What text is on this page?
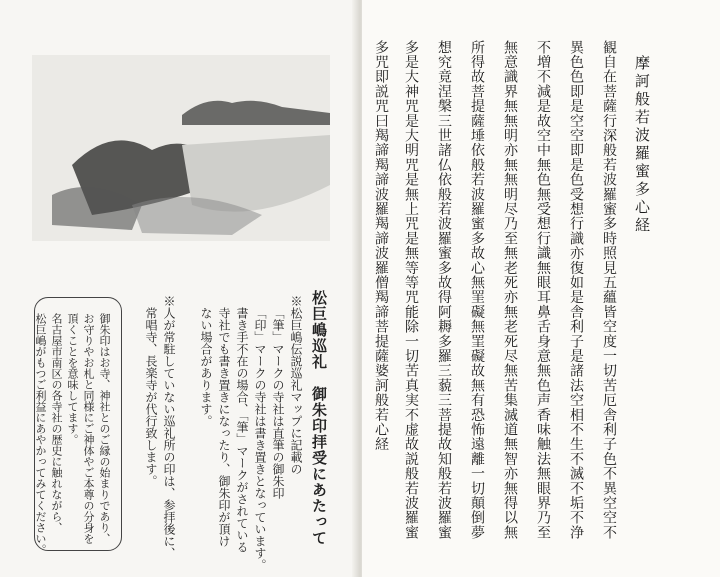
松巨嶋巡礼　御朱印拝受にあたって
※松巨嶋伝説巡礼マップに記載の
「筆」マークの寺社は直筆の御朱印
「印」マークの寺社は書き置きとなっています。
書き手不在の場合、「筆」マークがされている
寺社でも書き置きになったり、御朱印が頂け
ない場合があります。
※人が常駐していない巡礼所の印は、参拝後に、
常唱寺、長楽寺が代行致します。
御朱印はお寺、神社とのご縁の始まりであり、
お守りやお札と同様にご神体やご本尊の分身を
頂くことを意味してます。
名古屋市南区の各寺社の歴史に触れながら、
松巨嶋がもつご利益にあやかってみてください。
摩訶般若波羅蜜多心経
観自在菩薩行深般若波羅蜜多時照見五蘊皆空度一切苦厄舎利子色不異空空不
異色色即是空空即是色受想行識亦復如是舎利子是諸法空相不生不滅不垢不浄
不増不減是故空中無色無受想行識無眼耳鼻舌身意無色声香味触法無眼界乃至
無意識界無無明亦無無明尽乃至無老死亦無老死尽無苦集滅道無智亦無得以無
所得故菩提薩埵依般若波羅蜜多故心無罣礙無罣礙故無有恐怖遠離一切顛倒夢
想究竟涅槃三世諸仏依般若波羅蜜多故得阿耨多羅三藐三菩提故知般若波羅蜜
多是大神咒是大明咒是無上咒是無等等咒能除一切苦真実不虚故説般若波羅蜜
多咒即説咒曰羯諦羯諦波羅羯諦波羅僧羯諦菩提薩婆訶般若心経
